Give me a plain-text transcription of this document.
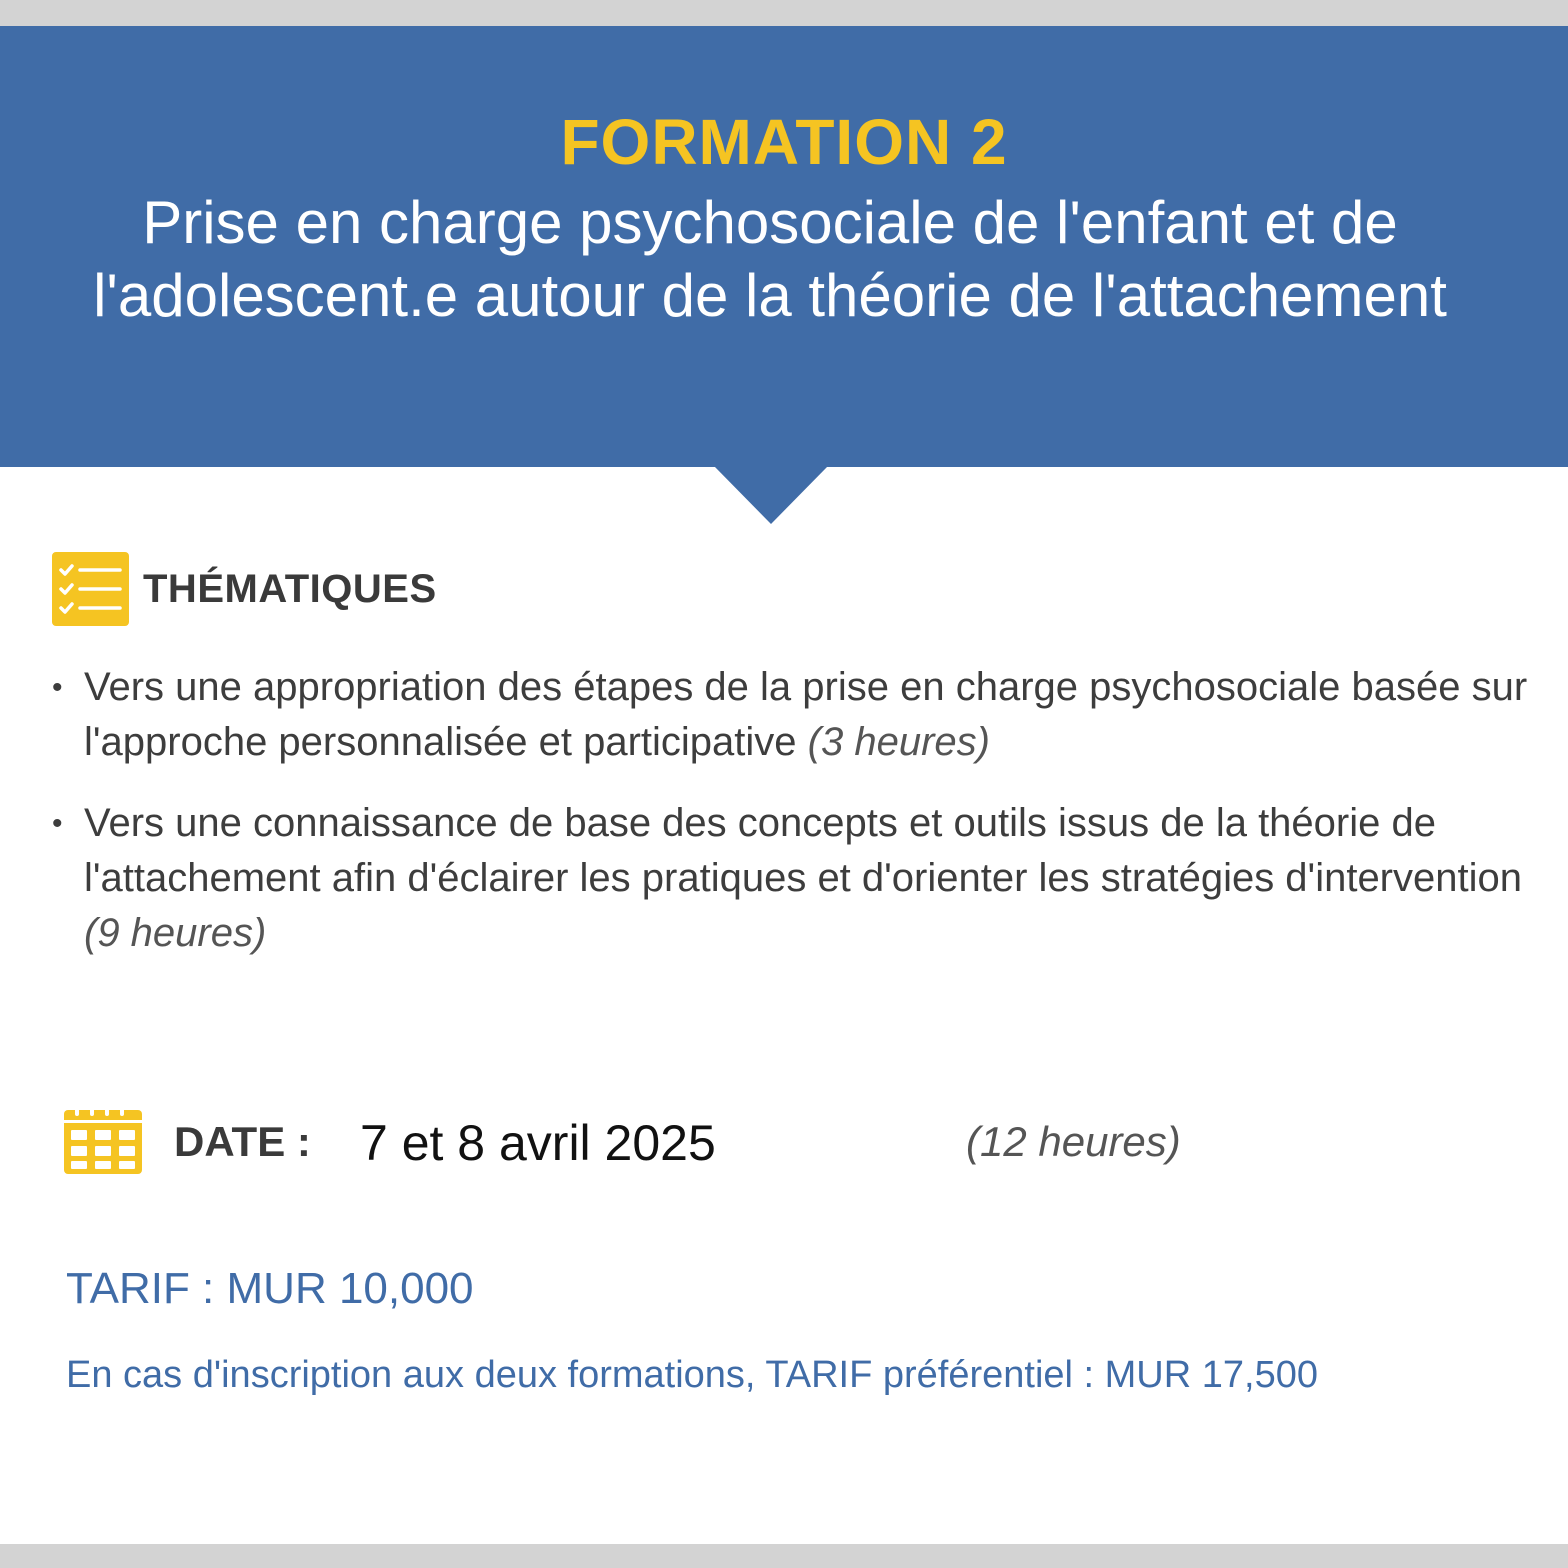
FORMATION 2
Prise en charge psychosociale de l'enfant et de l'adolescent.e autour de la théorie de l'attachement
THÉMATIQUES
• Vers une appropriation des étapes de la prise en charge psychosociale basée sur l'approche personnalisée et participative (3 heures)
• Vers une connaissance de base des concepts et outils issus de la théorie de l'attachement afin d'éclairer les pratiques et d'orienter les stratégies d'intervention (9 heures)
DATE : 7 et 8 avril 2025	(12 heures)
TARIF : MUR 10,000
En cas d'inscription aux deux formations, TARIF préférentiel : MUR 17,500
